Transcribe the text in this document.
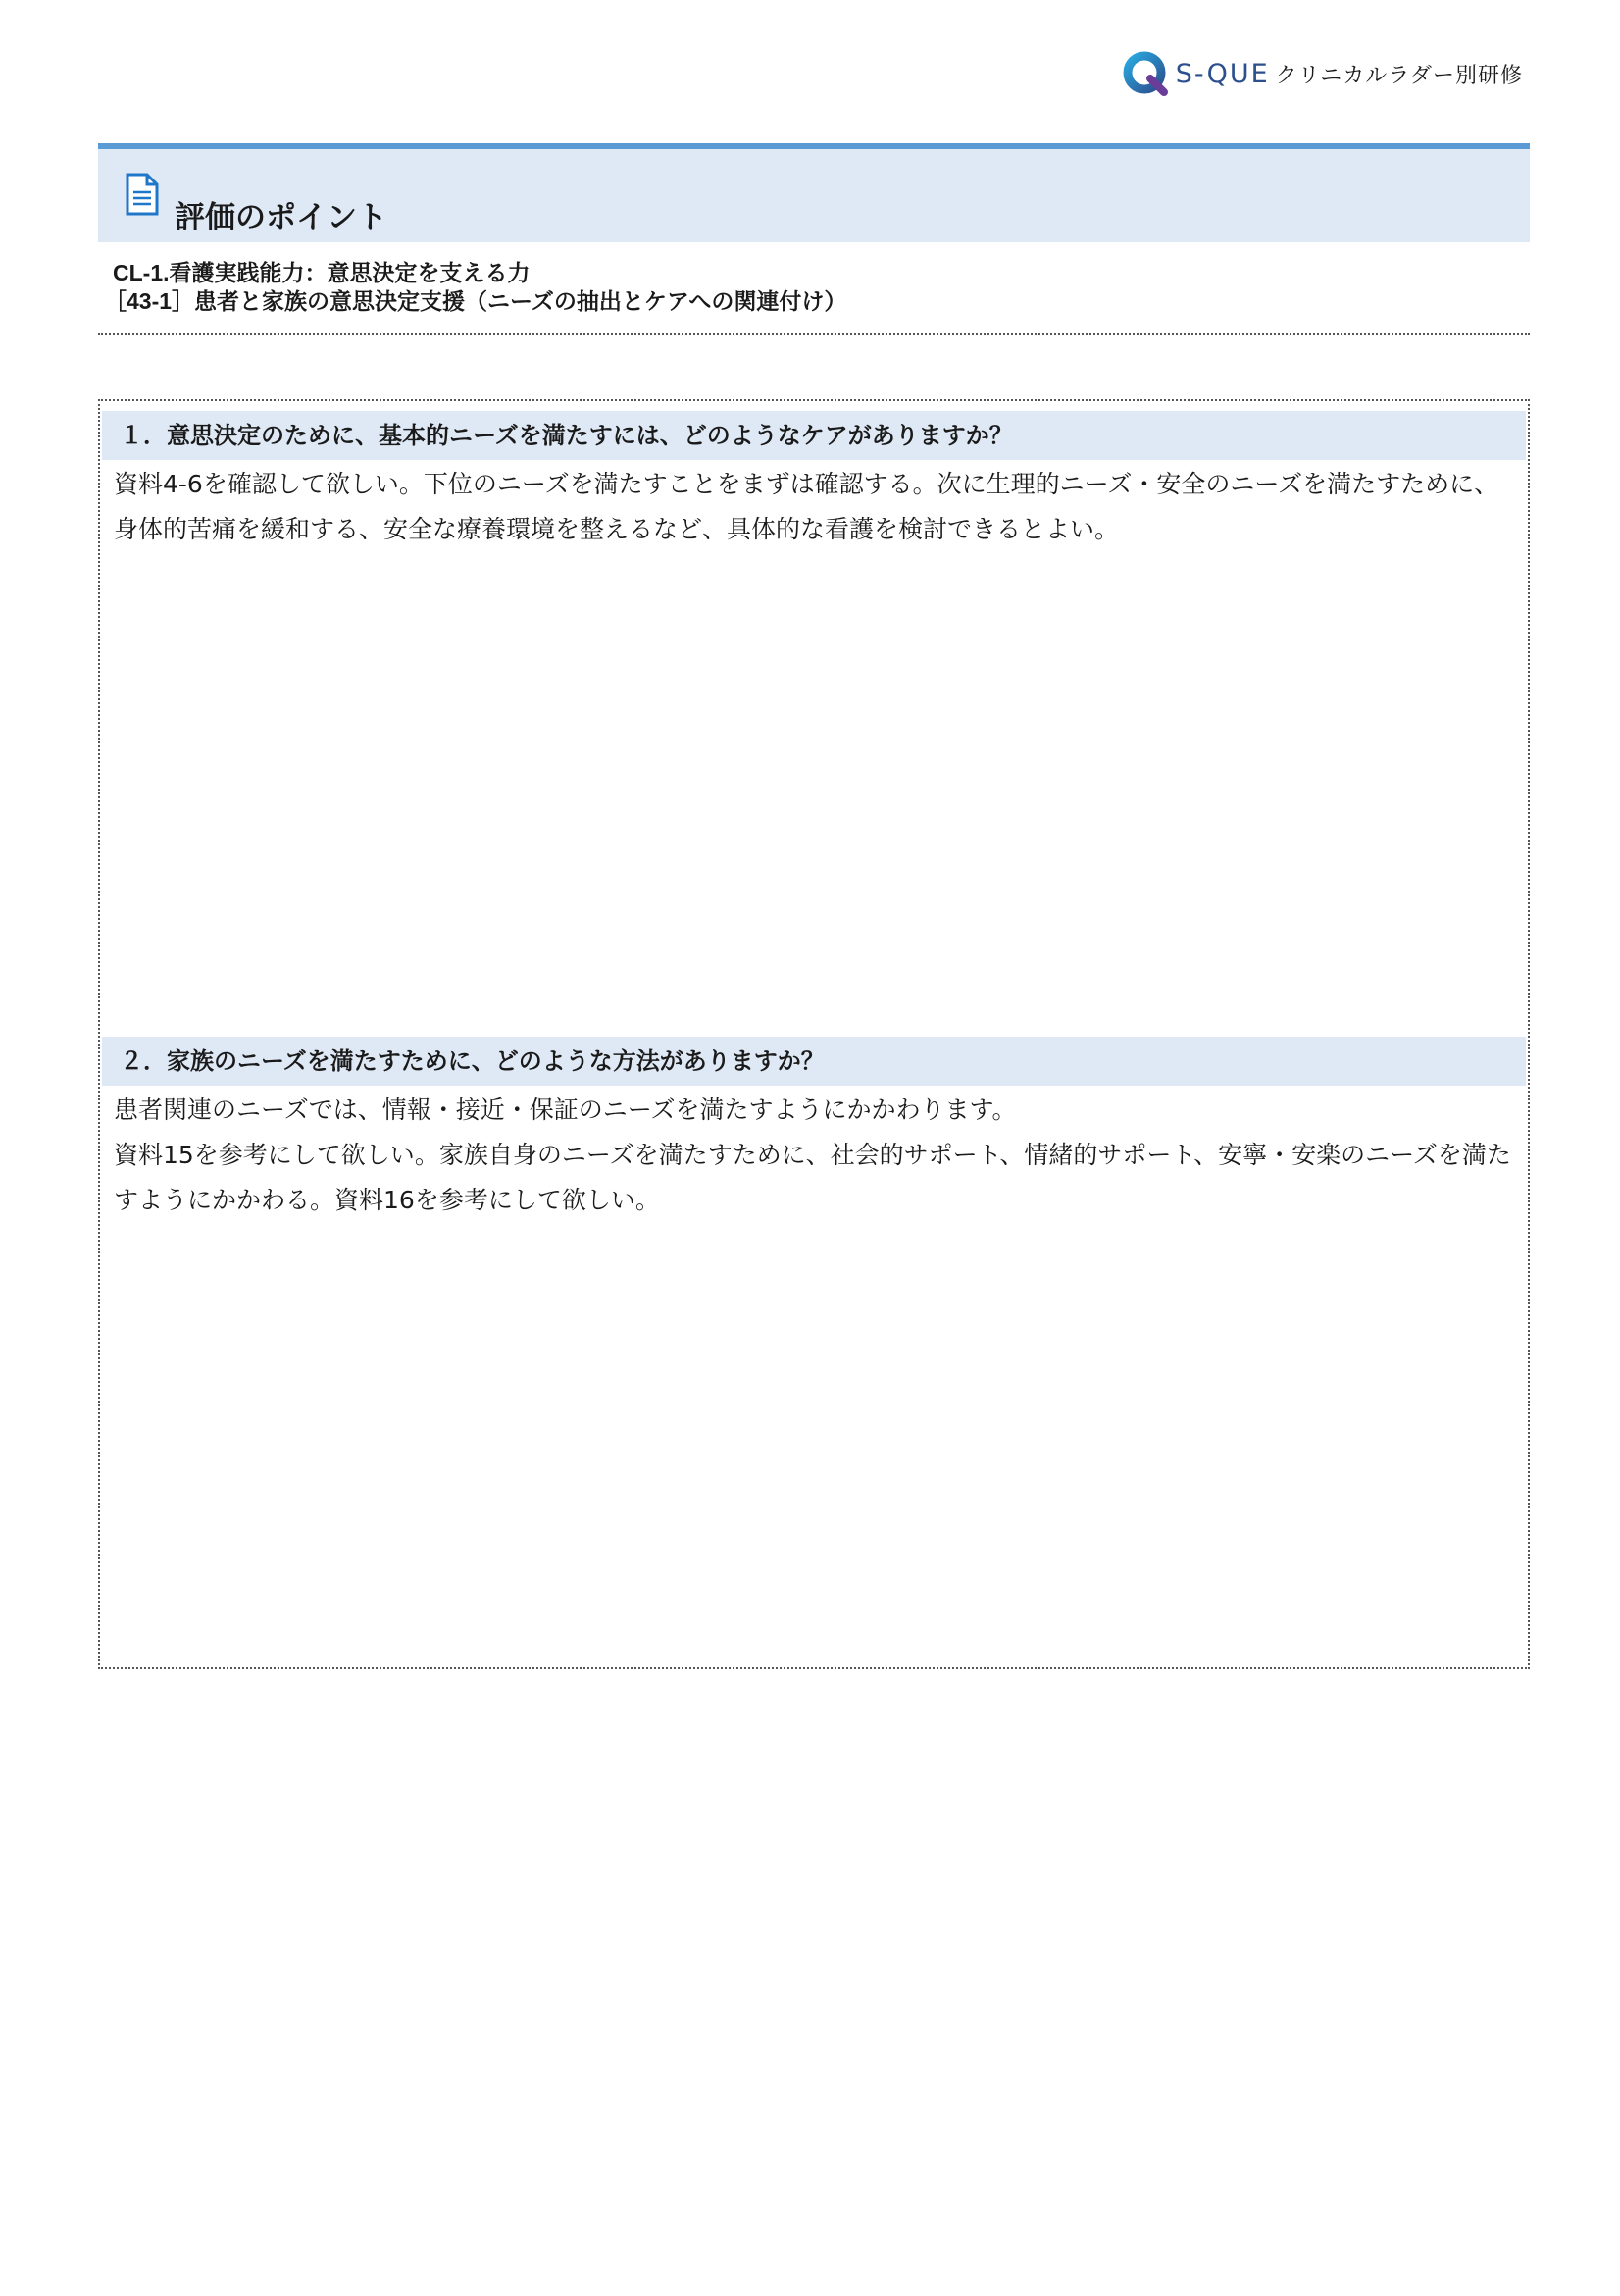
S-QUE クリニカルラダー別研修
評価のポイント
CL-1.看護実践能力：意思決定を支える力
［43-1］患者と家族の意思決定支援（ニーズの抽出とケアへの関連付け）
１．意思決定のために、基本的ニーズを満たすには、どのようなケアがありますか？

資料4-6を確認して欲しい。下位のニーズを満たすことをまずは確認する。次に生理的ニーズ・安全のニーズを満たすために、身体的苦痛を緩和する、安全な療養環境を整えるなど、具体的な看護を検討できるとよい。

２．家族のニーズを満たすために、どのような方法がありますか？

患者関連のニーズでは、情報・接近・保証のニーズを満たすようにかかわります。

資料15を参考にして欲しい。家族自身のニーズを満たすために、社会的サポート、情緒的サポート、安寧・安楽のニーズを満たすようにかかわる。資料16を参考にして欲しい。
